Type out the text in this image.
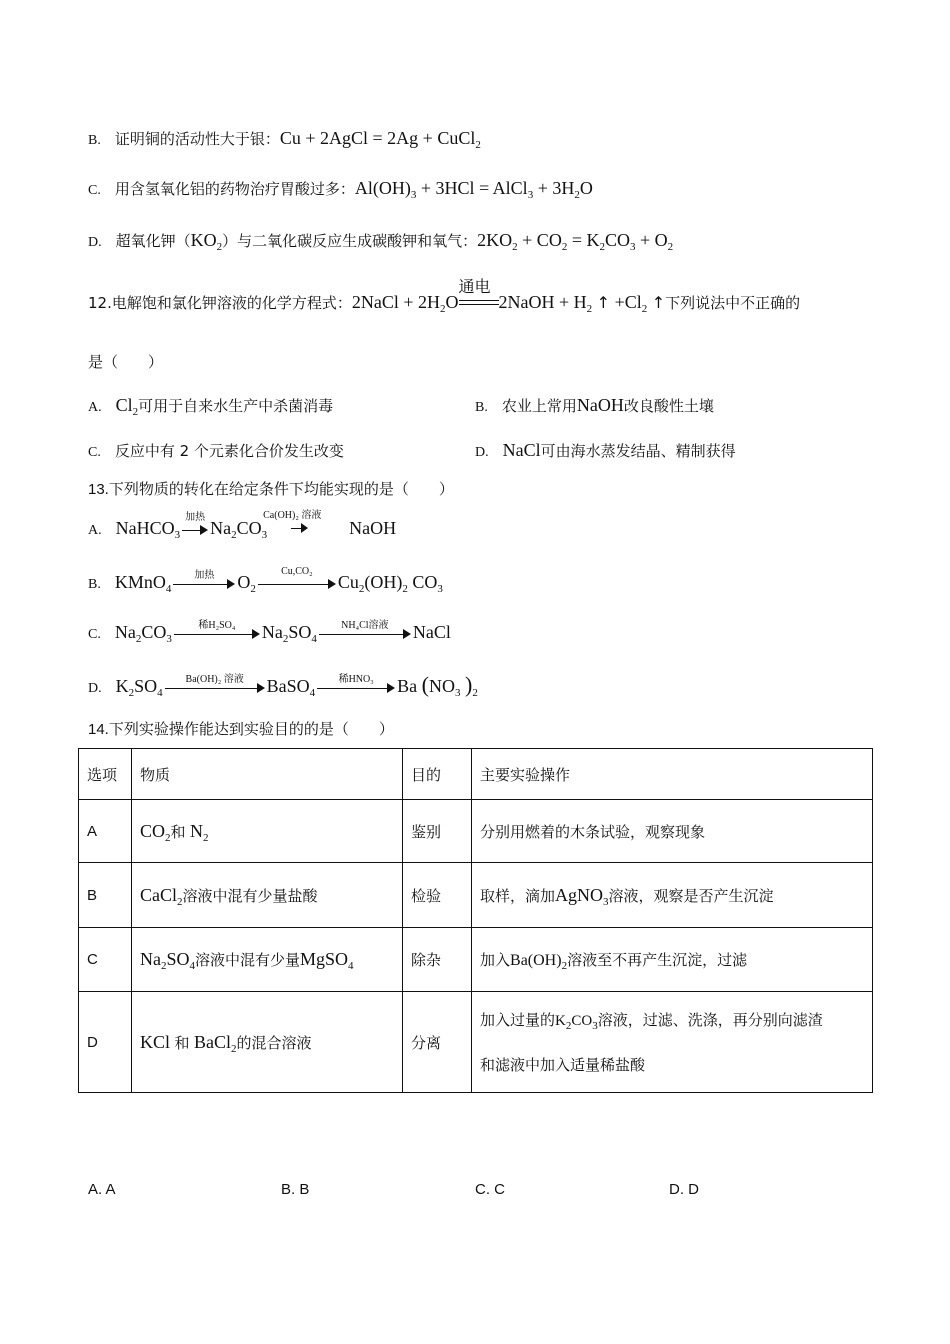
B. 证明铜的活动性大于银：Cu + 2AgCl = 2Ag + CuCl$_2$
C. 用含氢氧化铝的药物治疗胃酸过多：$Al(OH)_3 + 3HCl$ = AlCl$_3$ + $3H_2O$
D. 超氧化钾$(KO_2)$与二氧化碳反应生成碳酸钾和氧气：$2KO_2 + CO_2 = K_2CO_3 + O_2$
12.电解饱和氯化钾溶液的化学方程式：2NaCl + $2H_2O$
通电
2NaOH + $H_2$ ↑ $+Cl_2$ ↑下列说法中不正确的
是（　　）
A. $Cl_2$可用于自来水生产中杀菌消毒	B. 农业上常用NaOH改良酸性土壤
C. 反应中有 2 个元素化合价发生改变	D. NaCl可由海水蒸发结晶、精制获得
13.下列物质的转化在给定条件下均能实现的是（　　）
A. NaHCO$_3$
加热
$Na_2CO_3$
Ca(OH)₂ 溶液
NaOH
B. KMnO$_4$
加热	$O_2$
Cu,CO₂
$Cu_2(OH)_2$ $CO_3$
C. $Na_2CO_3$
稀H₂SO₄	$Na_2SO_4$
NH₄Cl溶液	NaCl
D. $K_2SO_4$
Ba(OH)₂ 溶液	BaSO$_4$
稀HNO₃	Ba ($NO_3$ )$_2$
14.下列实验操作能达到实验目的的是（　　）
选项	物质	目的	主要实验操作
A	$CO_2$和 $N_2$	鉴别	分别用燃着的木条试验，观察现象
B	CaCl$_2$溶液中混有少量盐酸	检验	取样，滴加AgNO$_3$溶液，观察是否产生沉淀
C	$Na_2SO_4$溶液中混有少量MgSO$_4$	除杂	加入$Ba(OH)_2$溶液至不再产生沉淀，过滤
D	KCl 和 BaCl$_2$的混合溶液	分离	加入过量的$K_2CO_3$溶液，过滤、洗涤，再分别向滤渣
和滤液中加入适量稀盐酸
A. A	B. B	C. C	D. D
